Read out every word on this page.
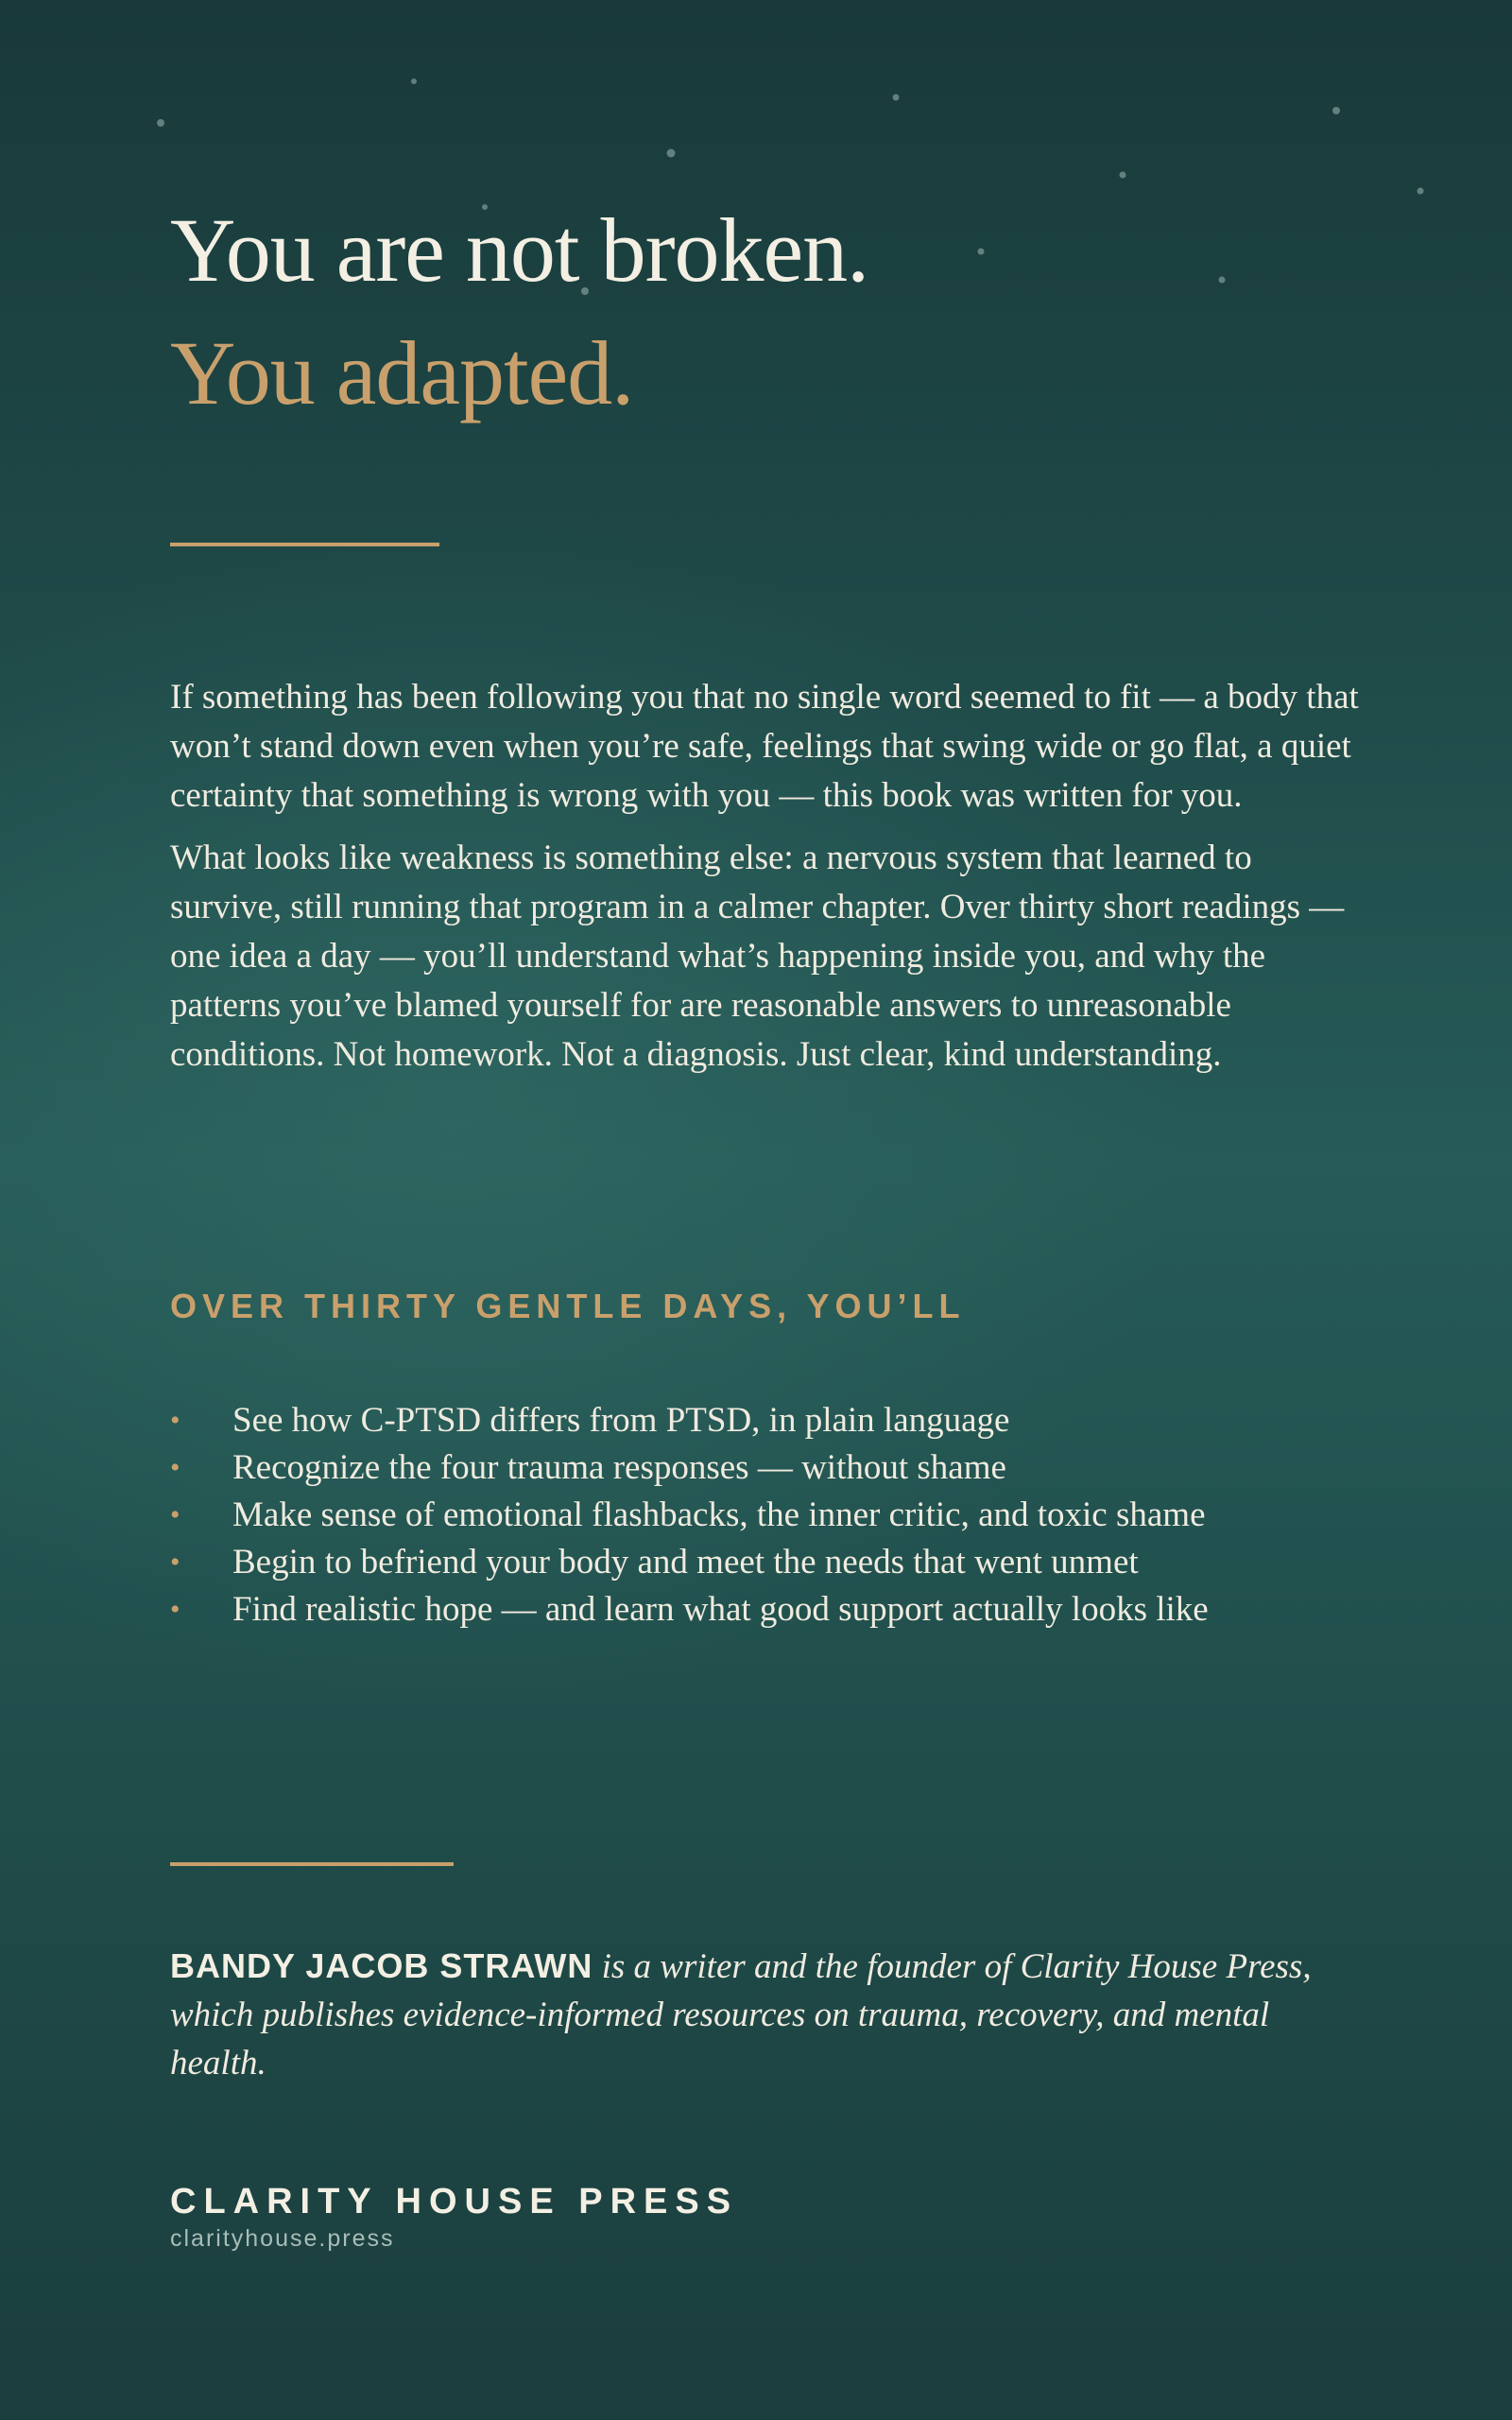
You are not broken.
You adapted.

If something has been following you that no single word seemed to fit — a body that won’t stand down even when you’re safe, feelings that swing wide or go flat, a quiet certainty that something is wrong with you — this book was written for you.

What looks like weakness is something else: a nervous system that learned to survive, still running that program in a calmer chapter. Over thirty short readings — one idea a day — you’ll understand what’s happening inside you, and why the patterns you’ve blamed yourself for are reasonable answers to unreasonable conditions. Not homework. Not a diagnosis. Just clear, kind understanding.

OVER THIRTY GENTLE DAYS, YOU’LL
• See how C-PTSD differs from PTSD, in plain language
• Recognize the four trauma responses — without shame
• Make sense of emotional flashbacks, the inner critic, and toxic shame
• Begin to befriend your body and meet the needs that went unmet
• Find realistic hope — and learn what good support actually looks like

BANDY JACOB STRAWN is a writer and the founder of Clarity House Press, which publishes evidence-informed resources on trauma, recovery, and mental health.

CLARITY HOUSE PRESS

clarityhouse.press
